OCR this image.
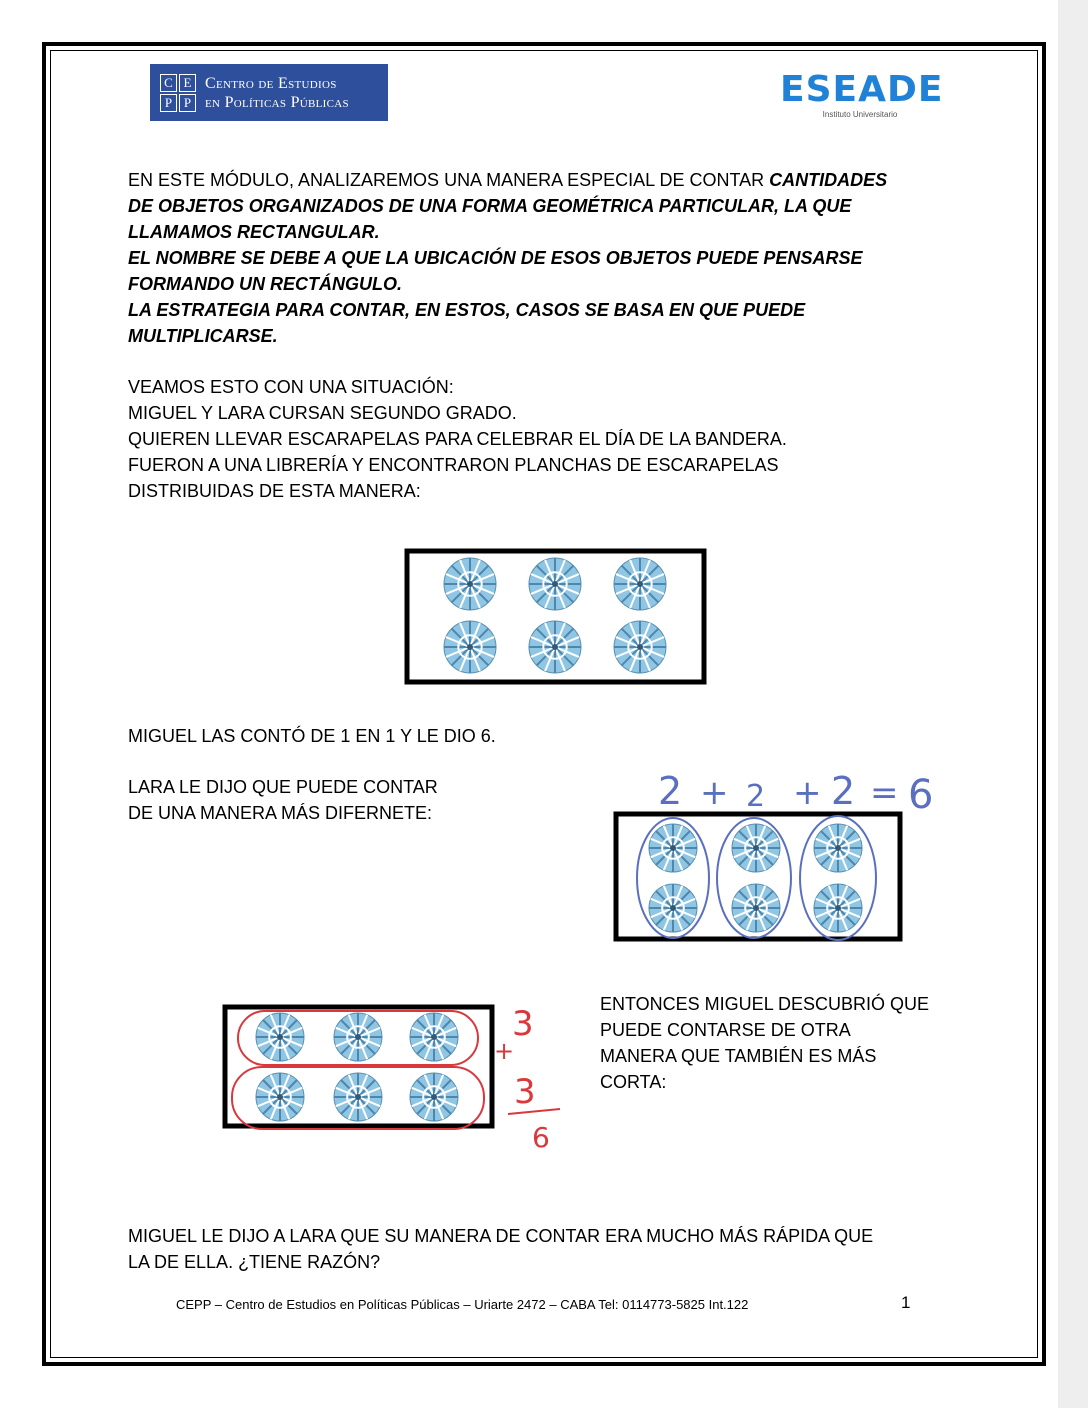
C E
P P
Centro de Estudios
en Políticas Públicas	ESEADE
Instituto Universitario
EN ESTE MÓDULO, ANALIZAREMOS UNA MANERA ESPECIAL DE CONTAR CANTIDADES
DE OBJETOS ORGANIZADOS DE UNA FORMA GEOMÉTRICA PARTICULAR, LA QUE
LLAMAMOS RECTANGULAR.
EL NOMBRE SE DEBE A QUE LA UBICACIÓN DE ESOS OBJETOS PUEDE PENSARSE
FORMANDO UN RECTÁNGULO.
LA ESTRATEGIA PARA CONTAR, EN ESTOS, CASOS SE BASA EN QUE PUEDE
MULTIPLICARSE.
VEAMOS ESTO CON UNA SITUACIÓN:
MIGUEL Y LARA CURSAN SEGUNDO GRADO.
QUIEREN LLEVAR ESCARAPELAS PARA CELEBRAR EL DÍA DE LA BANDERA.
FUERON A UNA LIBRERÍA Y ENCONTRARON PLANCHAS DE ESCARAPELAS
DISTRIBUIDAS DE ESTA MANERA:
MIGUEL LAS CONTÓ DE 1 EN 1 Y LE DIO 6.
LARA LE DIJO QUE PUEDE CONTAR
DE UNA MANERA MÁS DIFERNETE:	2 + 2 + 2 = 6
3
+
3
6
ENTONCES MIGUEL DESCUBRIÓ QUE
PUEDE CONTARSE DE OTRA
MANERA QUE TAMBIÉN ES MÁS
CORTA:
MIGUEL LE DIJO A LARA QUE SU MANERA DE CONTAR ERA MUCHO MÁS RÁPIDA QUE
LA DE ELLA. ¿TIENE RAZÓN?
CEPP – Centro de Estudios en Políticas Públicas – Uriarte 2472 – CABA Tel: 0114773-5825 Int.122	1
